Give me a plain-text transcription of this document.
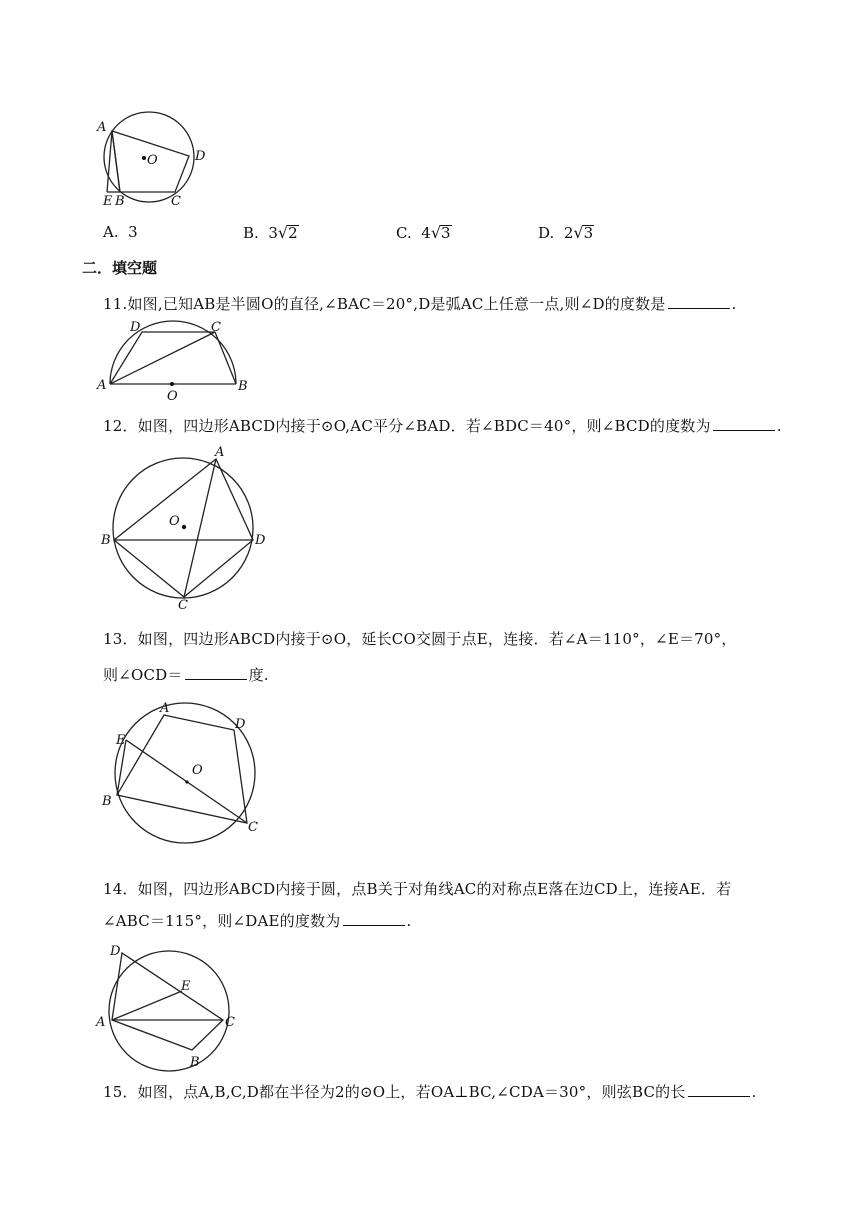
A
O	D
E B	C
A. 3	B. 3√2	C. 4√3	D. 2√3
二．填空题
11.如图,已知AB是半圆O的直径,∠BAC＝20°,D是弧AC上任意一点,则∠D的度数是	.
D	C
A
O
B
12．如图，四边形ABCD内接于⊙O,AC平分∠BAD．若∠BDC＝40°，则∠BCD的度数为	.
A
O
B	D
C
13．如图，四边形ABCD内接于⊙O，延长CO交圆于点E，连接．若∠A＝110°，∠E＝70°，
则∠OCD＝	度.
A
D
E
O
B
C
14．如图，四边形ABCD内接于圆，点B关于对角线AC的对称点E落在边CD上，连接AE．若
∠ABC＝115°，则∠DAE的度数为	.
D
E
A	C
B
15．如图，点A,B,C,D都在半径为2的⊙O上，若OA⊥BC,∠CDA＝30°，则弦BC的长	.
